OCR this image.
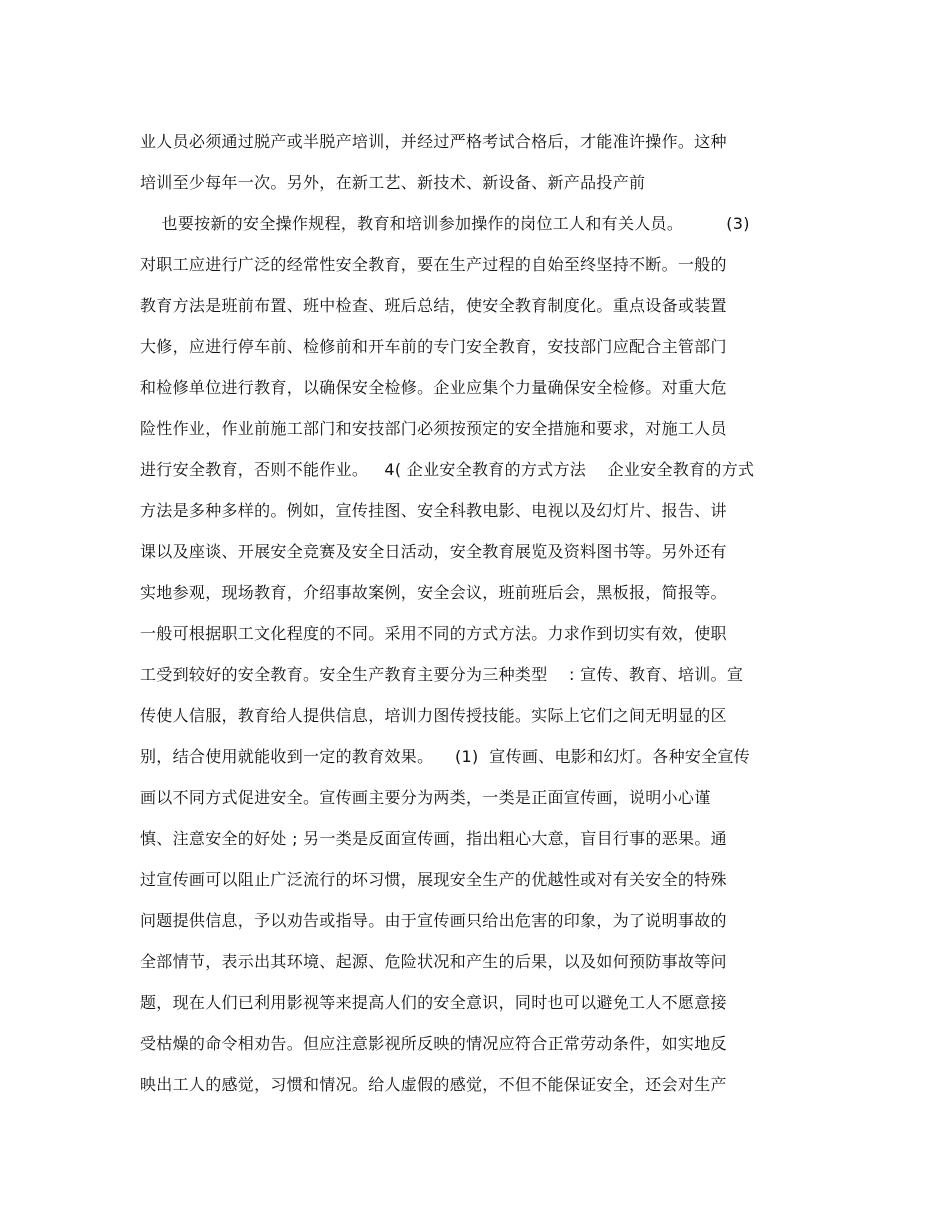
业人员必须通过脱产或半脱产培训，并经过严格考试合格后，才能准许操作。这种
培训至少每年一次。另外，在新工艺、新技术、新设备、新产品投产前
也要按新的安全操作规程，教育和培训参加操作的岗位工人和有关人员。        (3)
对职工应进行广泛的经常性安全教育，要在生产过程的自始至终坚持不断。一般的
教育方法是班前布置、班中检查、班后总结，使安全教育制度化。重点设备或装置
大修，应进行停车前、检修前和开车前的专门安全教育，安技部门应配合主管部门
和检修单位进行教育，以确保安全检修。企业应集个力量确保安全检修。对重大危
险性作业，作业前施工部门和安技部门必须按预定的安全措施和要求，对施工人员
进行安全教育，否则不能作业。   4( 企业安全教育的方式方法    企业安全教育的方式
方法是多种多样的。例如，宣传挂图、安全科教电影、电视以及幻灯片、报告、讲
课以及座谈、开展安全竞赛及安全日活动，安全教育展览及资料图书等。另外还有
实地参观，现场教育，介绍事故案例，安全会议，班前班后会，黑板报，简报等。
一般可根据职工文化程度的不同。采用不同的方式方法。力求作到切实有效，使职
工受到较好的安全教育。安全生产教育主要分为三种类型    : 宣传、教育、培训。宣
传使人信服，教育给人提供信息，培训力图传授技能。实际上它们之间无明显的区
别，结合使用就能收到一定的教育效果。    (1)  宣传画、电影和幻灯。各种安全宣传
画以不同方式促进安全。宣传画主要分为两类，一类是正面宣传画，说明小心谨
慎、注意安全的好处 ; 另一类是反面宣传画，指出粗心大意，盲目行事的恶果。通
过宣传画可以阻止广泛流行的坏习惯，展现安全生产的优越性或对有关安全的特殊
问题提供信息，予以劝告或指导。由于宣传画只给出危害的印象，为了说明事故的
全部情节，表示出其环境、起源、危险状况和产生的后果，以及如何预防事故等问
题，现在人们已利用影视等来提高人们的安全意识，同时也可以避免工人不愿意接
受枯燥的命令相劝告。但应注意影视所反映的情况应符合正常劳动条件，如实地反
映出工人的感觉，习惯和情况。给人虚假的感觉，不但不能保证安全，还会对生产
